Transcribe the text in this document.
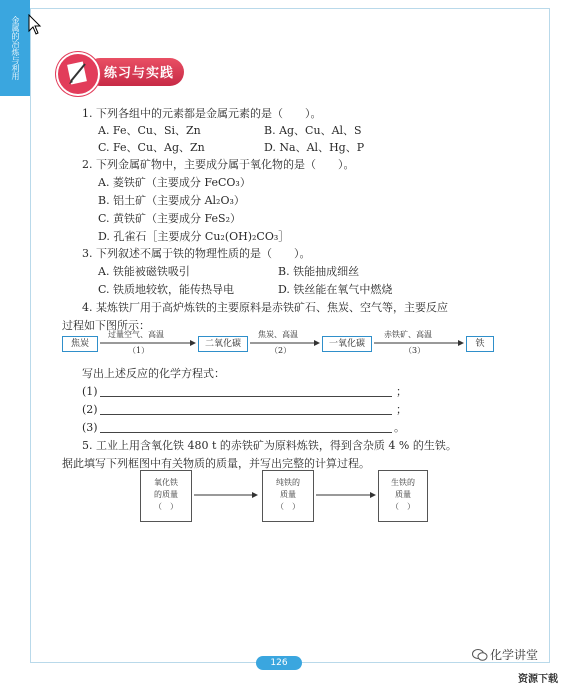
金属的冶炼与利用	练习与实践
1. 下列各组中的元素都是金属元素的是（　　）。
A. Fe、Cu、Si、Zn	B. Ag、Cu、Al、S
C. Fe、Cu、Ag、Zn	D. Na、Al、Hg、P
2. 下列金属矿物中，主要成分属于氧化物的是（　　）。
A. 菱铁矿（主要成分 FeCO₃）
B. 铝土矿（主要成分 Al₂O₃）
C. 黄铁矿（主要成分 FeS₂）
D. 孔雀石［主要成分 Cu₂(OH)₂CO₃］
3. 下列叙述不属于铁的物理性质的是（　　）。
A. 铁能被磁铁吸引	B. 铁能抽成细丝
C. 铁质地较软，能传热导电	D. 铁丝能在氧气中燃烧
4. 某炼铁厂用于高炉炼铁的主要原料是赤铁矿石、焦炭、空气等，主要反应
过程如下图所示：
焦炭
过量空气、高温
（1）
二氧化碳
焦炭、高温
（2）
一氧化碳
赤铁矿、高温
（3）
铁
写出上述反应的化学方程式：
(1)	；
(2)	；
(3)	。
5. 工业上用含氧化铁 480 t 的赤铁矿为原料炼铁，得到含杂质 4 % 的生铁。
据此填写下列框图中有关物质的质量，并写出完整的计算过程。
氧化铁
的质量
（　）
纯铁的
质量
（　）
生铁的
质量
（　）
126
化学讲堂
资源下载
